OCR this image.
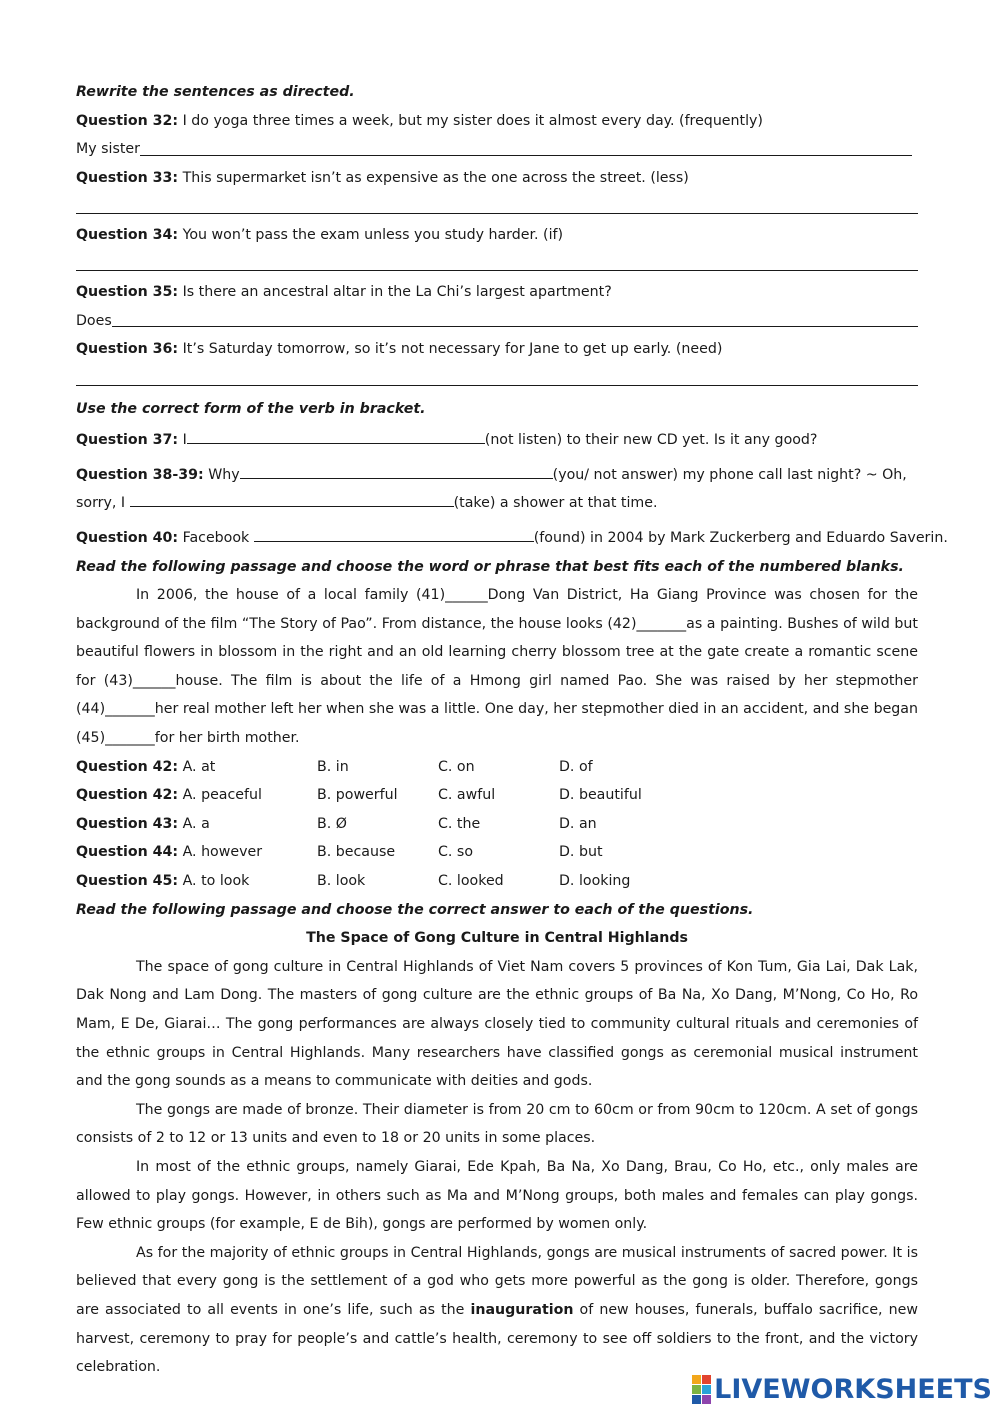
Rewrite the sentences as directed.
Question 32: I do yoga three times a week, but my sister does it almost every day. (frequently)
My sister
Question 33: This supermarket isn’t as expensive as the one across the street. (less)
Question 34: You won’t pass the exam unless you study harder. (if)
Question 35: Is there an ancestral altar in the La Chi’s largest apartment?
Does
Question 36: It’s Saturday tomorrow, so it’s not necessary for Jane to get up early. (need)
Use the correct form of the verb in bracket.
Question 37: I	(not listen) to their new CD yet. Is it any good?
Question 38-39: Why	(you/ not answer) my phone call last night? ~ Oh,
sorry, I	(take) a shower at that time.
Question 40: Facebook	(found) in 2004 by Mark Zuckerberg and Eduardo Saverin.
Read the following passage and choose the word or phrase that best fits each of the numbered blanks.

In 2006, the house of a local family (41)______Dong Van District, Ha Giang Province was chosen for the background of the film “The Story of Pao”. From distance, the house looks (42)_______as a painting. Bushes of wild but beautiful flowers in blossom in the right and an old learning cherry blossom tree at the gate create a romantic scene for (43)______house. The film is about the life of a Hmong girl named Pao. She was raised by her stepmother (44)_______her real mother left her when she was a little. One day, her stepmother died in an accident, and she began (45)_______for her birth mother.

Question 42: A. at	B. in	C. on	D. of
Question 42: A. peaceful	B. powerful	C. awful	D. beautiful
Question 43: A. a	B. Ø	C. the	D. an
Question 44: A. however	B. because	C. so	D. but
Question 45: A. to look	B. look	C. looked	D. looking
Read the following passage and choose the correct answer to each of the questions.
The Space of Gong Culture in Central Highlands

The space of gong culture in Central Highlands of Viet Nam covers 5 provinces of Kon Tum, Gia Lai, Dak Lak, Dak Nong and Lam Dong. The masters of gong culture are the ethnic groups of Ba Na, Xo Dang, M’Nong, Co Ho, Ro Mam, E De, Giarai… The gong performances are always closely tied to community cultural rituals and ceremonies of the ethnic groups in Central Highlands. Many researchers have classified gongs as ceremonial musical instrument and the gong sounds as a means to communicate with deities and gods.

The gongs are made of bronze. Their diameter is from 20 cm to 60cm or from 90cm to 120cm. A set of gongs consists of 2 to 12 or 13 units and even to 18 or 20 units in some places.

In most of the ethnic groups, namely Giarai, Ede Kpah, Ba Na, Xo Dang, Brau, Co Ho, etc., only males are allowed to play gongs. However, in others such as Ma and M’Nong groups, both males and females can play gongs. Few ethnic groups (for example, E de Bih), gongs are performed by women only.

As for the majority of ethnic groups in Central Highlands, gongs are musical instruments of sacred power. It is believed that every gong is the settlement of a god who gets more powerful as the gong is older. Therefore, gongs are associated to all events in one’s life, such as the inauguration of new houses, funerals, buffalo sacrifice, new harvest, ceremony to pray for people’s and cattle’s health, ceremony to see off soldiers to the front, and the victory celebration.

LIVEWORKSHEETS
